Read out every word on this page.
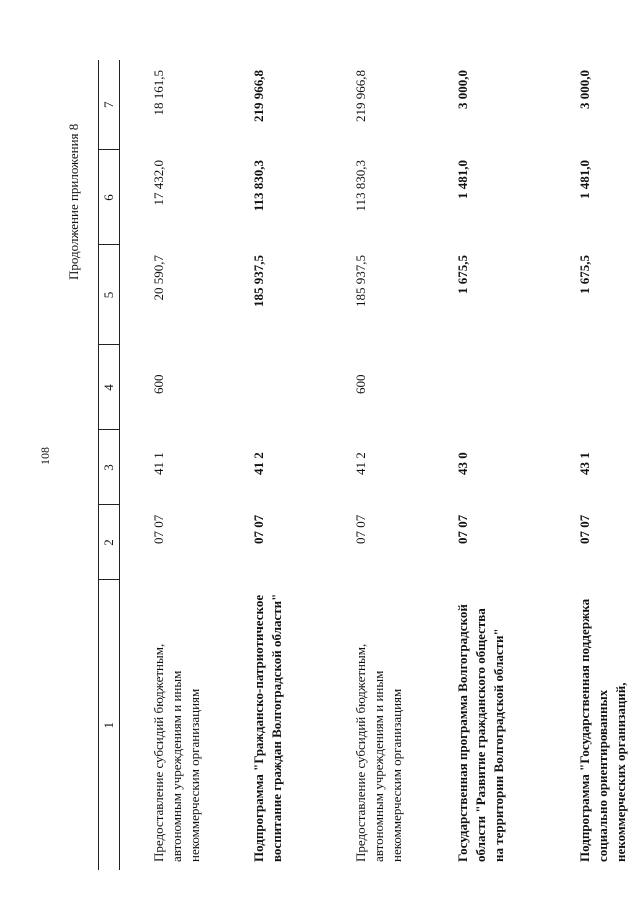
108
Продолжение приложения 8
1	2	3	4	5	6	7
Предоставление субсидий бюджетным, автономным учреждениям и иным некоммерческим организациям	07 07	41 1	600	20 590,7	17 432,0	18 161,5
Подпрограмма "Гражданско-патриотическое воспитание граждан Волгоградской области"	07 07	41 2		185 937,5	113 830,3	219 966,8
Предоставление субсидий бюджетным, автономным учреждениям и иным некоммерческим организациям	07 07	41 2	600	185 937,5	113 830,3	219 966,8
Государственная программа Волгоградской области "Развитие гражданского общества на территории Волгоградской области"	07 07	43 0		1 675,5	1 481,0	3 000,0
Подпрограмма "Государственная поддержка социально ориентированных некоммерческих организаций,	07 07	43 1		1 675,5	1 481,0	3 000,0
